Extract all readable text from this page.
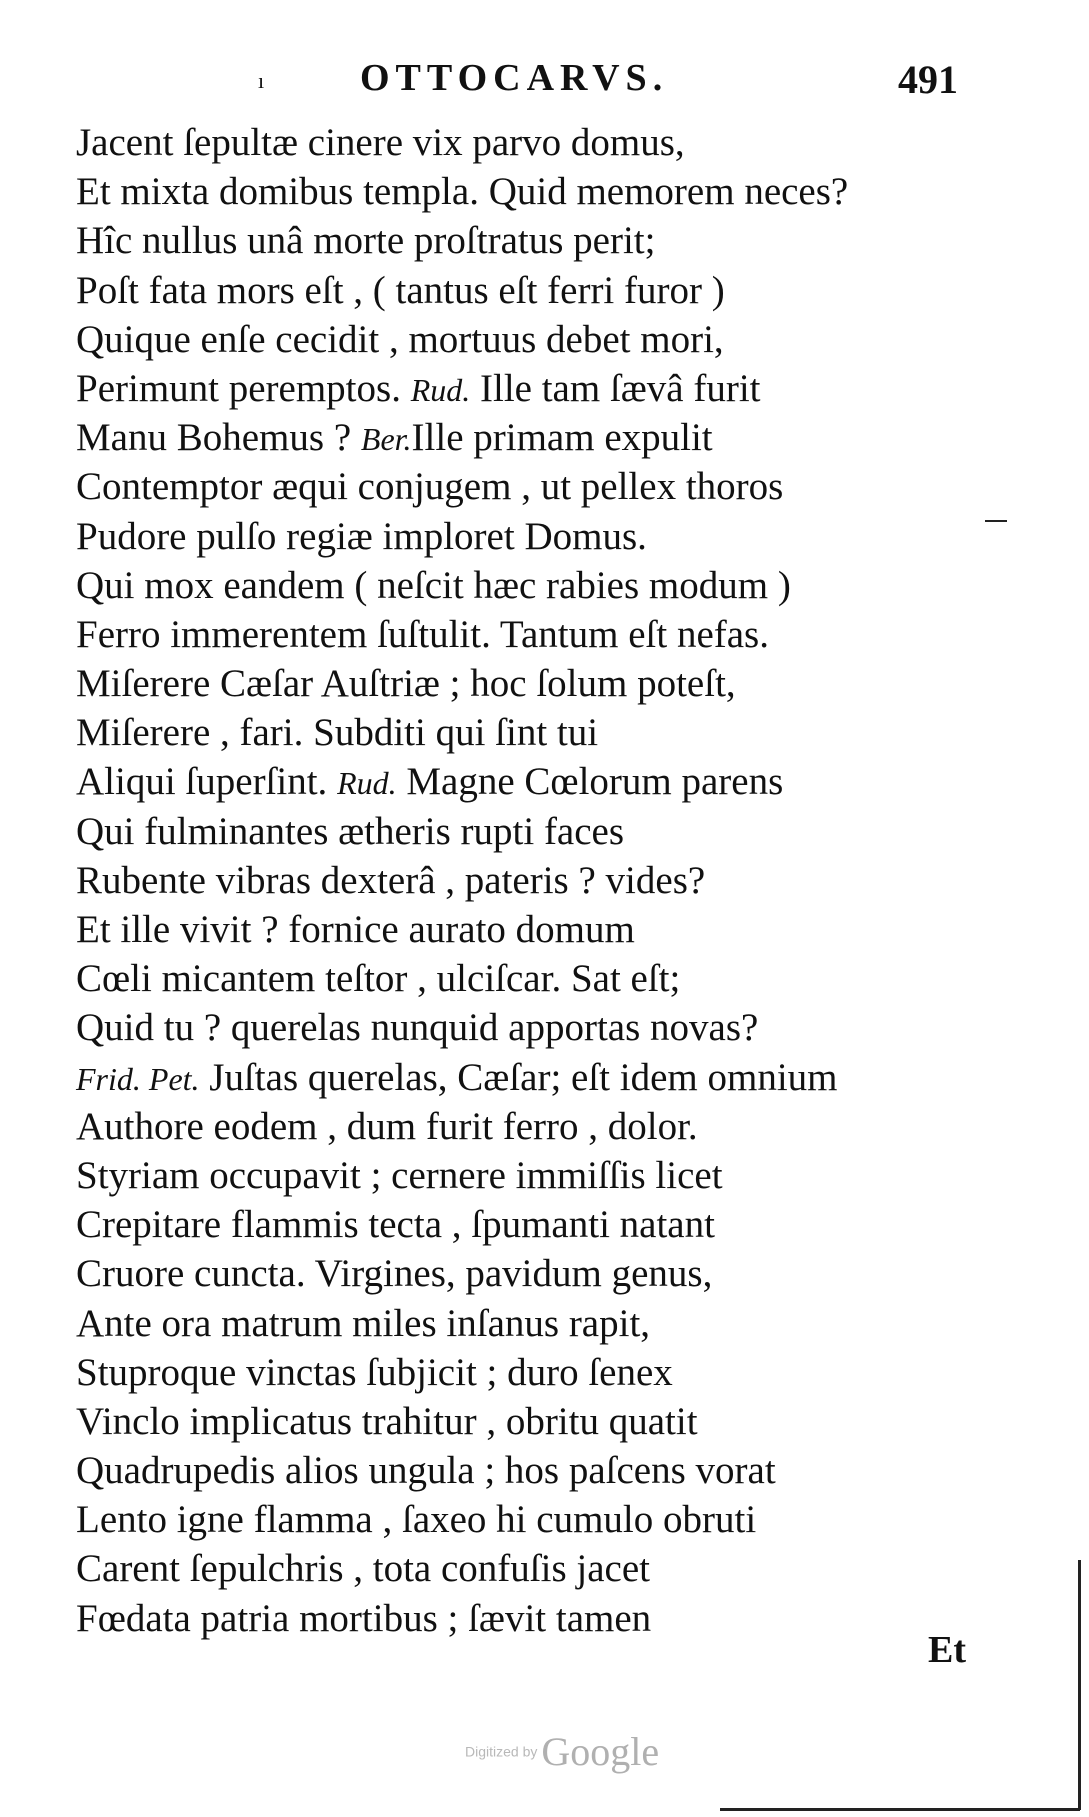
ı	OTTOCARVS.	491
Jacent ſepultæ cinere vix parvo domus,
Et mixta domibus templa. Quid memorem neces?
Hîc nullus unâ morte proſtratus perit;
Poſt fata mors eſt , ( tantus eſt ferri furor )
Quique enſe cecidit , mortuus debet mori,
Perimunt peremptos. Rud. Ille tam ſævâ furit
Manu Bohemus ? Ber.Ille primam expulit
Contemptor æqui conjugem , ut pellex thoros
Pudore pulſo regiæ imploret Domus.
Qui mox eandem ( neſcit hæc rabies modum )
Ferro immerentem ſuſtulit. Tantum eſt nefas.
Miſerere Cæſar Auſtriæ ; hoc ſolum poteſt,
Miſerere , fari. Subditi qui ſint tui
Aliqui ſuperſint. Rud. Magne Cœlorum parens
Qui fulminantes ætheris rupti faces
Rubente vibras dexterâ , pateris ? vides?
Et ille vivit ? fornice aurato domum
Cœli micantem teſtor , ulciſcar. Sat eſt;
Quid tu ? querelas nunquid apportas novas?
Frid. Pet. Juſtas querelas, Cæſar; eſt idem omnium
Authore eodem , dum furit ferro , dolor.
Styriam occupavit ; cernere immiſſis licet
Crepitare flammis tecta , ſpumanti natant
Cruore cuncta. Virgines, pavidum genus,
Ante ora matrum miles inſanus rapit,
Stuproque vinctas ſubjicit ; duro ſenex
Vinclo implicatus trahitur , obritu quatit
Quadrupedis alios ungula ; hos paſcens vorat
Lento igne flamma , ſaxeo hi cumulo obruti
Carent ſepulchris , tota confuſis jacet
Fœdata patria mortibus ; ſævit tamen
Et
Digitized by Google
